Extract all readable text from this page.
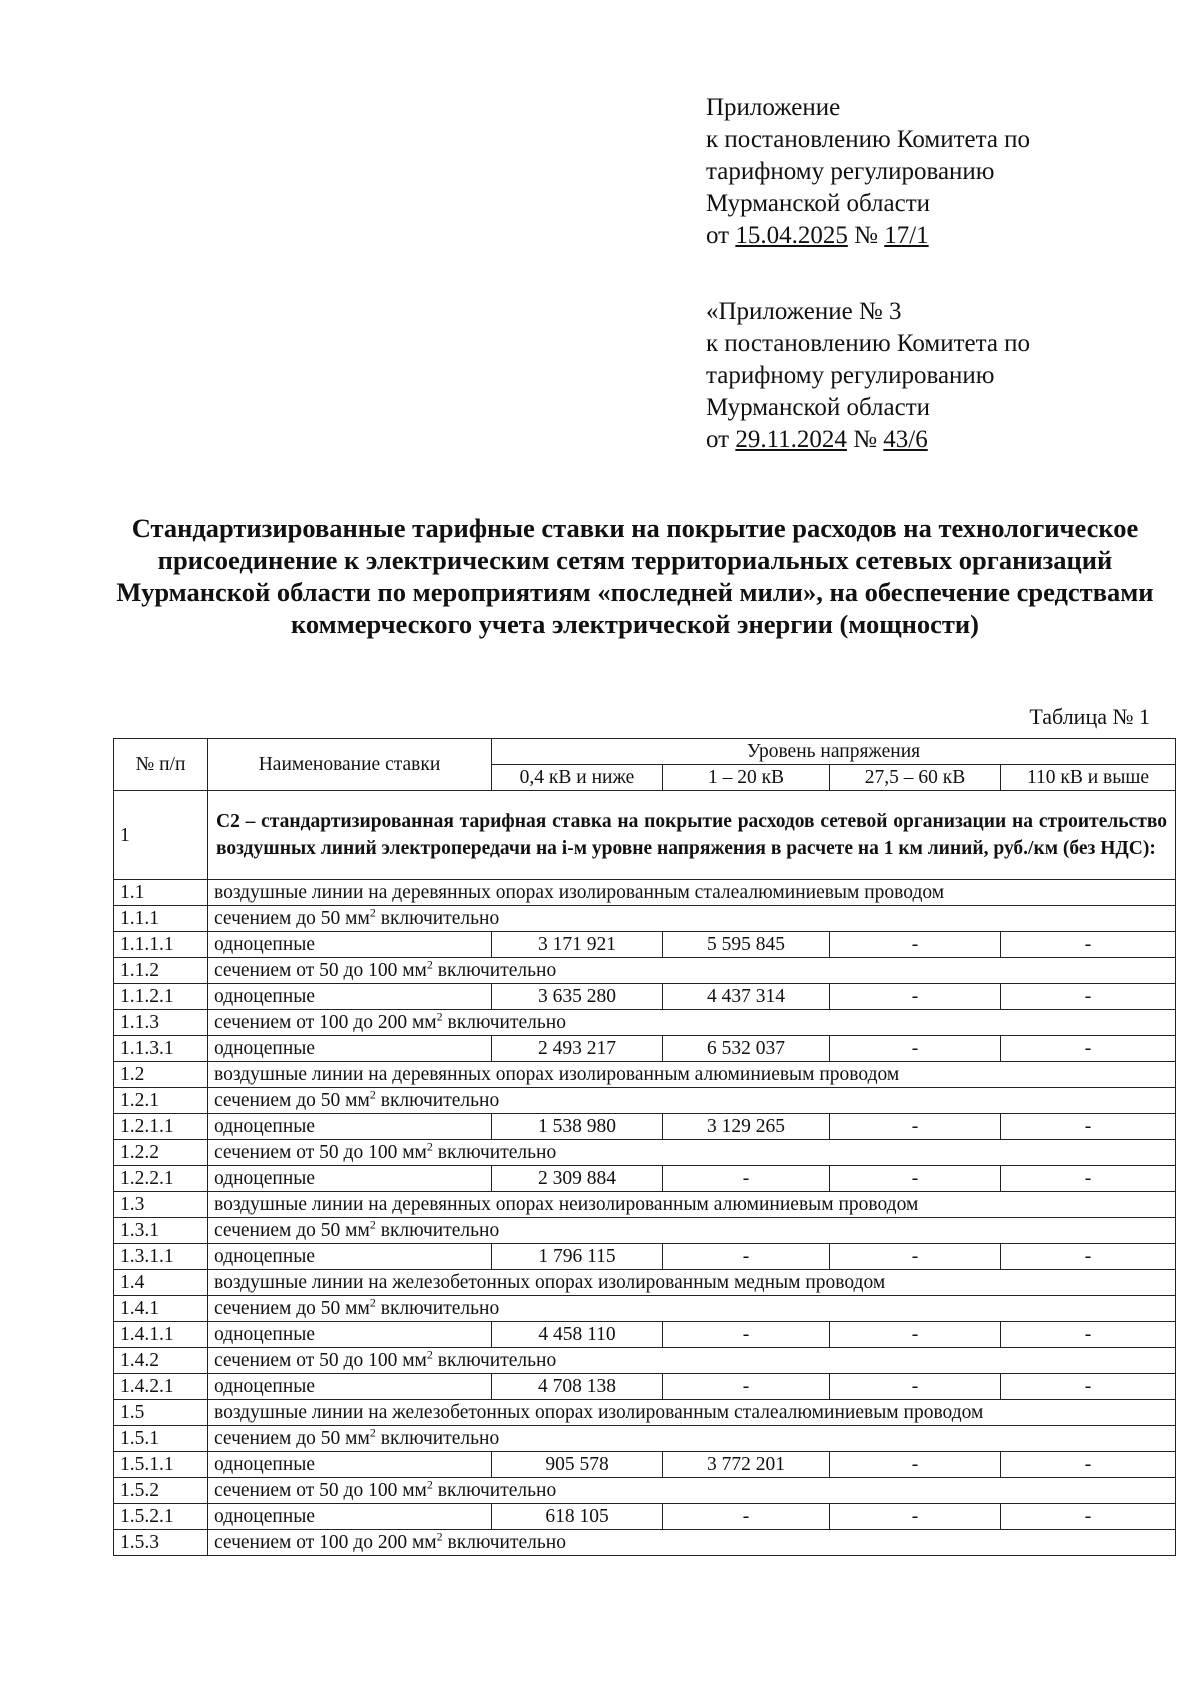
Приложение
к постановлению Комитета по
тарифному регулированию
Мурманской области
от 15.04.2025 № 17/1
«Приложение № 3
к постановлению Комитета по
тарифному регулированию
Мурманской области
от 29.11.2024 № 43/6
Стандартизированные тарифные ставки на покрытие расходов на технологическое присоединение к электрическим сетям территориальных сетевых организаций Мурманской области по мероприятиям «последней мили», на обеспечение средствами коммерческого учета электрической энергии (мощности)
Таблица № 1
№ п/п	Наименование ставки	Уровень напряжения			
		0,4 кВ и ниже	1 – 20 кВ	27,5 – 60 кВ	110 кВ и выше
1	С2 – стандартизированная тарифная ставка на покрытие расходов сетевой организации на строительство воздушных линий электропередачи на i-м уровне напряжения в расчете на 1 км линий, руб./км (без НДС):				
1.1	воздушные линии на деревянных опорах изолированным сталеалюминиевым проводом				
1.1.1	сечением до 50 $мм^2$ включительно				
1.1.1.1	одноцепные	3 171 921	5 595 845	-	-
1.1.2	сечением от 50 до 100 $мм^2$ включительно				
1.1.2.1	одноцепные	3 635 280	4 437 314	-	-
1.1.3	сечением от 100 до 200 $мм^2$ включительно				
1.1.3.1	одноцепные	2 493 217	6 532 037	-	-
1.2	воздушные линии на деревянных опорах изолированным алюминиевым проводом				
1.2.1	сечением до 50 $мм^2$ включительно				
1.2.1.1	одноцепные	1 538 980	3 129 265	-	-
1.2.2	сечением от 50 до 100 $мм^2$ включительно				
1.2.2.1	одноцепные	2 309 884	-	-	-
1.3	воздушные линии на деревянных опорах неизолированным алюминиевым проводом				
1.3.1	сечением до 50 $мм^2$ включительно				
1.3.1.1	одноцепные	1 796 115	-	-	-
1.4	воздушные линии на железобетонных опорах изолированным медным проводом				
1.4.1	сечением до 50 $мм^2$ включительно				
1.4.1.1	одноцепные	4 458 110	-	-	-
1.4.2	сечением от 50 до 100 $мм^2$ включительно				
1.4.2.1	одноцепные	4 708 138	-	-	-
1.5	воздушные линии на железобетонных опорах изолированным сталеалюминиевым проводом				
1.5.1	сечением до 50 $мм^2$ включительно				
1.5.1.1	одноцепные	905 578	3 772 201	-	-
1.5.2	сечением от 50 до 100 $мм^2$ включительно				
1.5.2.1	одноцепные	618 105	-	-	-
1.5.3	сечением от 100 до 200 $мм^2$ включительно				
